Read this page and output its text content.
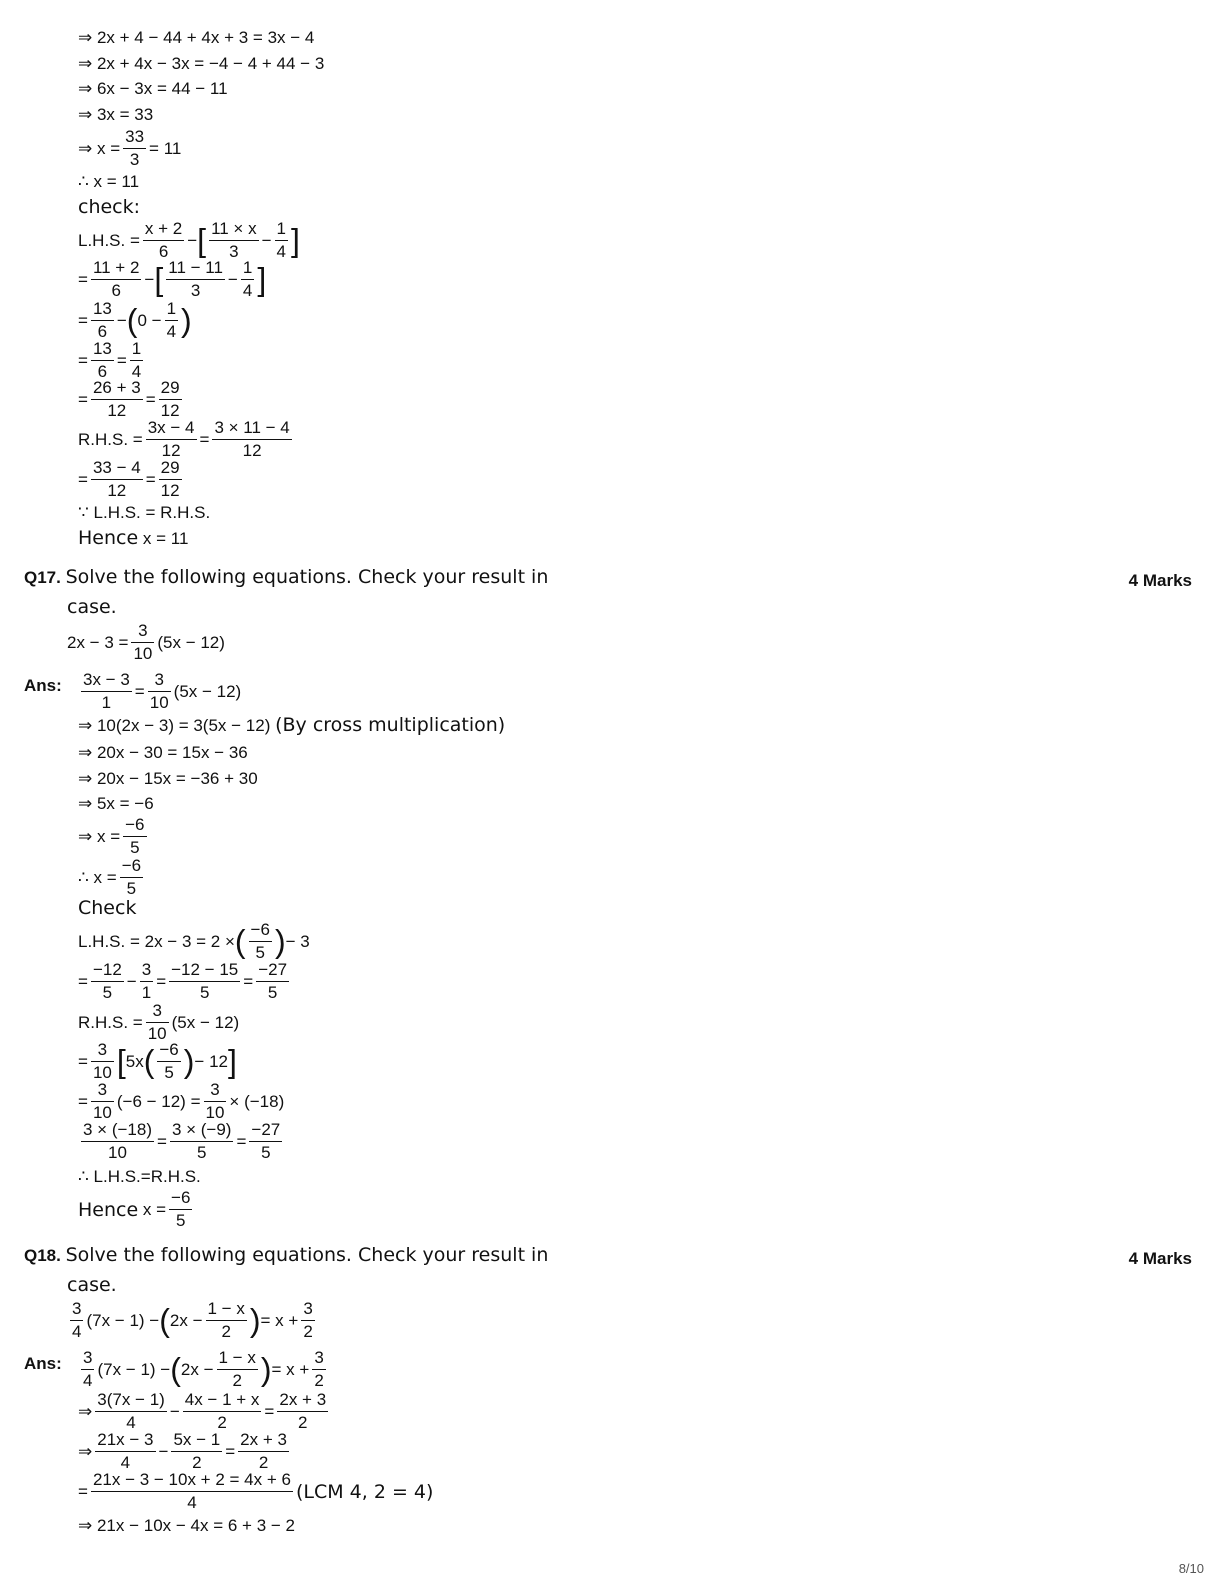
⇒ 2x + 4 − 44 + 4x + 3 = 3x − 4
⇒ 2x + 4x − 3x = −4 − 4 + 44 − 3
⇒ 6x − 3x = 44 − 11
⇒ 3x = 33
⇒ $x = \frac{33}{3} = 11$
∴ x = 11
check:
L.H.S. = $\frac{x + 2}{6}$ −[ $\frac{11 \times x}{3} - \frac{1}{4}$ ]
= $\frac{11 + 2}{6}$ −[ $\frac{11 - 11}{3} - \frac{1}{4}$ ]
= $\frac{13}{6} -(0 - \frac{1}{4}$ )
= $\frac{13}{6} = \frac{1}{4}$
= $\frac{26 + 3}{12} = \frac{29}{12}$
R.H.S. = $\frac{3x - 4}{12} = \frac{3 \times 11 - 4}{12}$
= $\frac{33 - 4}{12} = \frac{29}{12}$
∵ L.H.S. = R.H.S.
Hence x = 11
Q17. Solve the following equations. Check your result in	4 Marks
case.
$2x - 3 = \frac{3}{10} (5x - 12)$
Ans: $\frac{3x - 3}{1} = \frac{3}{10} (5x - 12)$
⇒ 10(2x − 3) = 3(5x − 12) (By cross multiplication)
⇒ 20x − 30 = 15x − 36
⇒ 20x − 15x = −36 + 30
⇒ 5x = −6
⇒ $x = \frac{-6}{5}$
∴ $x = \frac{-6}{5}$
Check
L.H.S. = 2x − 3 = 2 ×( $\frac{-6}{5}$ )− 3
= $\frac{-12}{5} - \frac{3}{1} = \frac{-12 - 15}{5} = \frac{-27}{5}$
R.H.S. = $\frac{3}{10} (5x - 12)$
= $\frac{3}{10} [5x( \frac{-6}{5}$ )− 12]
= $\frac{3}{10} (-6 - 12) = \frac{3}{10} \times (-18)$
$\frac{3 \times (-18)}{10} = \frac{3 \times (-9)}{5} = \frac{-27}{5}$
∴ L.H.S.=R.H.S.
Hence $x = \frac{-6}{5}$
Q18. Solve the following equations. Check your result in	4 Marks
case.
$\frac{3}{4} (7x - 1) -(2x - \frac{1 - x}{2}$ )= $x + \frac{3}{2}$
Ans: $\frac{3}{4} (7x - 1) -(2x - \frac{1 - x}{2}$ )= $x + \frac{3}{2}$
⇒ $\frac{3(7x - 1)}{4} - \frac{4x - 1 + x}{2} = \frac{2x + 3}{2}$
⇒ $\frac{21x - 3}{4} - \frac{5x - 1}{2} = \frac{2x + 3}{2}$
= $\frac{21x - 3 - 10x + 2 = 4x + 6}{4} (LCM$ 4, 2 = 4)
⇒ 21x − 10x − 4x = 6 + 3 − 2
8/10
